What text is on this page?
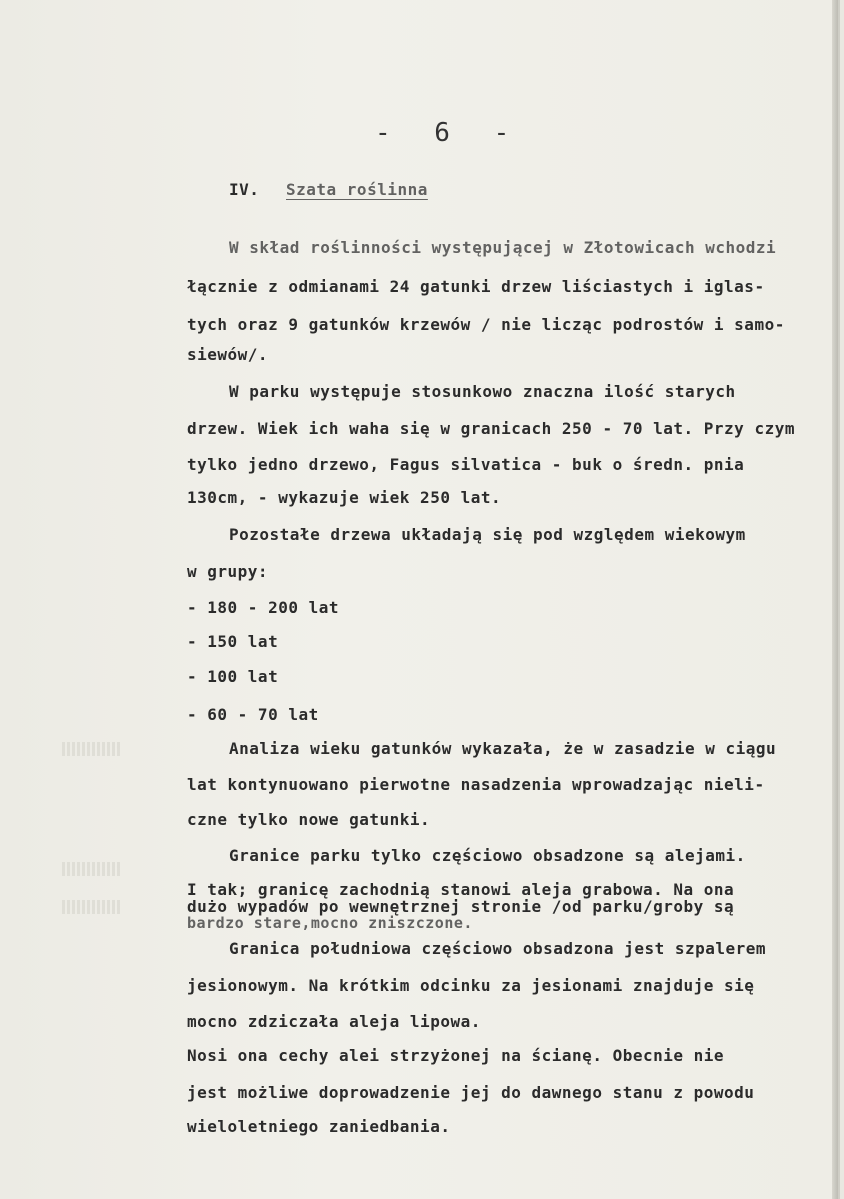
- 6 -
IV. Szata roślinna
W skład roślinności występującej w Złotowicach wchodzi
łącznie z odmianami 24 gatunki drzew liściastych i iglas-
tych oraz 9 gatunków krzewów / nie licząc podrostów i samo-
siewów/.
W parku występuje stosunkowo znaczna ilość starych
drzew. Wiek ich waha się w granicach 250 - 70 lat. Przy czym
tylko jedno drzewo, Fagus silvatica - buk o średn. pnia
130cm, - wykazuje wiek 250 lat.
Pozostałe drzewa układają się pod względem wiekowym
w grupy:
- 180 - 200 lat
- 150 lat
- 100 lat
- 60 - 70 lat
Analiza wieku gatunków wykazała, że w zasadzie w ciągu
lat kontynuowano pierwotne nasadzenia wprowadzając nieli-
czne tylko nowe gatunki.
Granice parku tylko częściowo obsadzone są alejami.
I tak; granicę zachodnią stanowi aleja grabowa. Na ona
dużo wypadów po wewnętrznej stronie /od parku/groby są
bardzo stare,mocno zniszczone.
Granica południowa częściowo obsadzona jest szpalerem
jesionowym. Na krótkim odcinku za jesionami znajduje się
mocno zdziczała aleja lipowa.
Nosi ona cechy alei strzyżonej na ścianę. Obecnie nie
jest możliwe doprowadzenie jej do dawnego stanu z powodu
wieloletniego zaniedbania.
